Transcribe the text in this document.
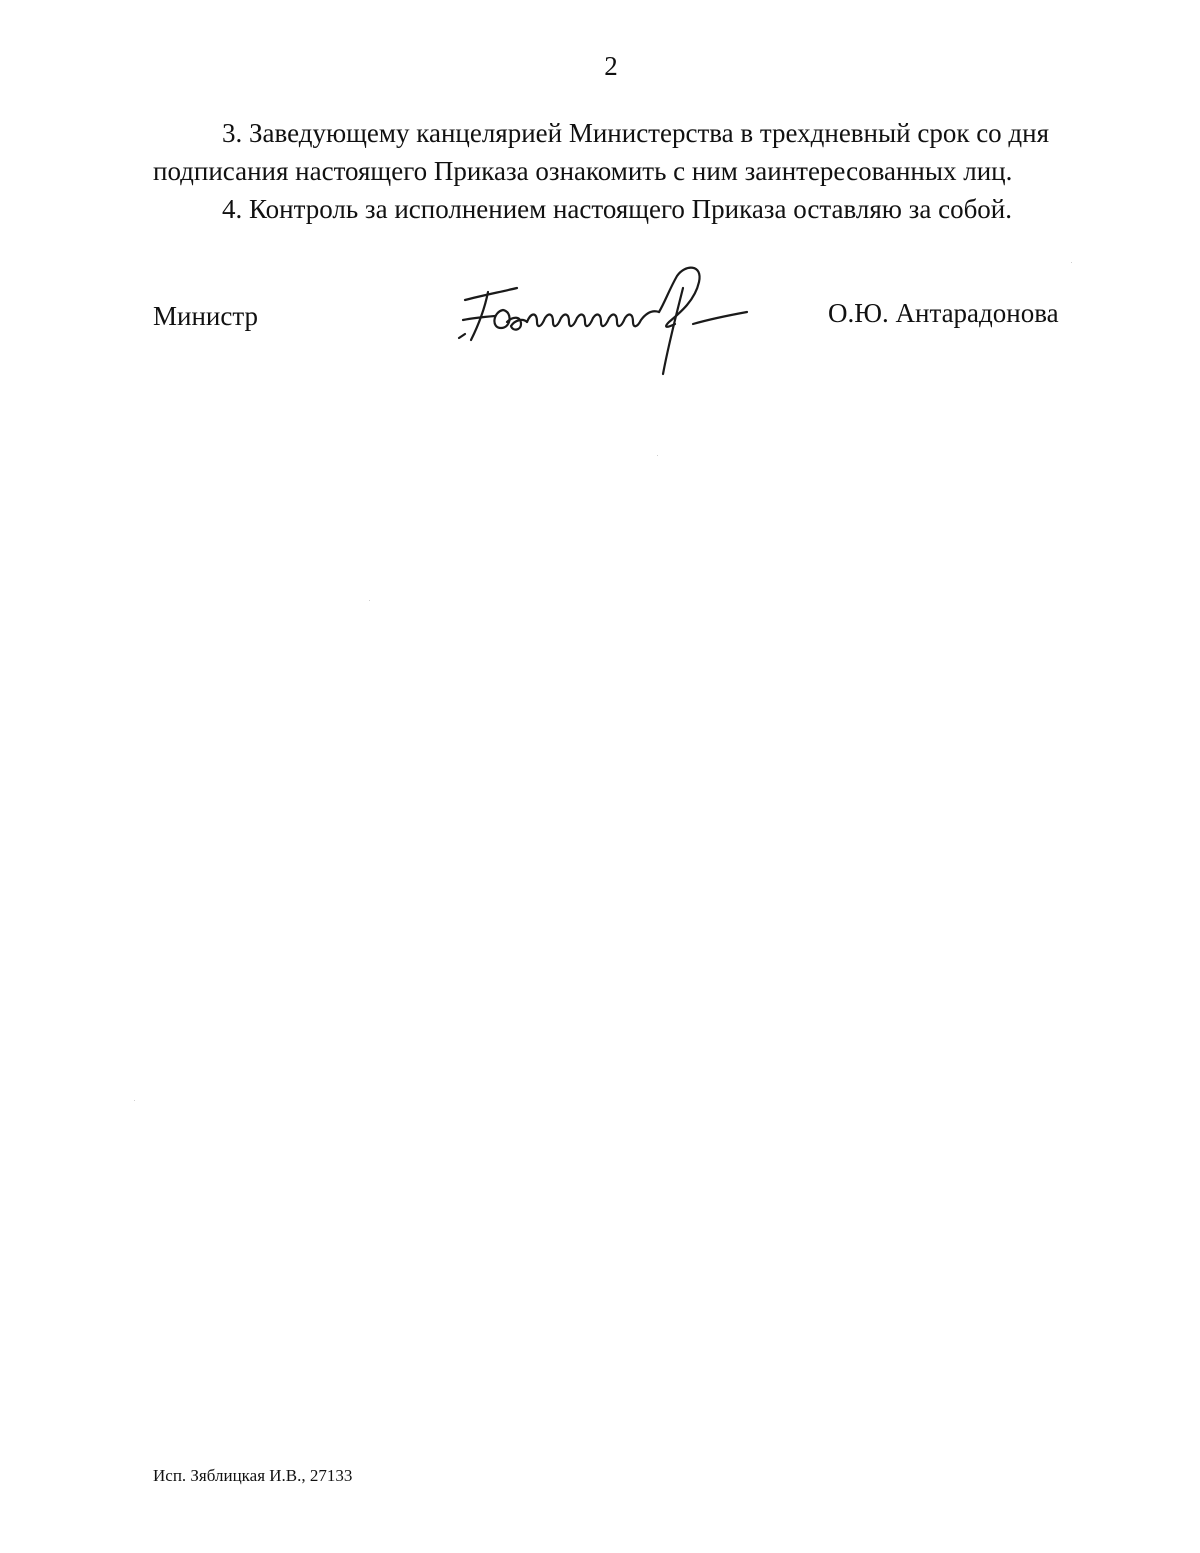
2

3. Заведующему канцелярией Министерства в трехдневный срок со дня
подписания настоящего Приказа ознакомить с ним заинтересованных лиц.

4. Контроль за исполнением настоящего Приказа оставляю за собой.

Министр	О.Ю. Антарадонова
Исп. Зяблицкая И.В., 27133
